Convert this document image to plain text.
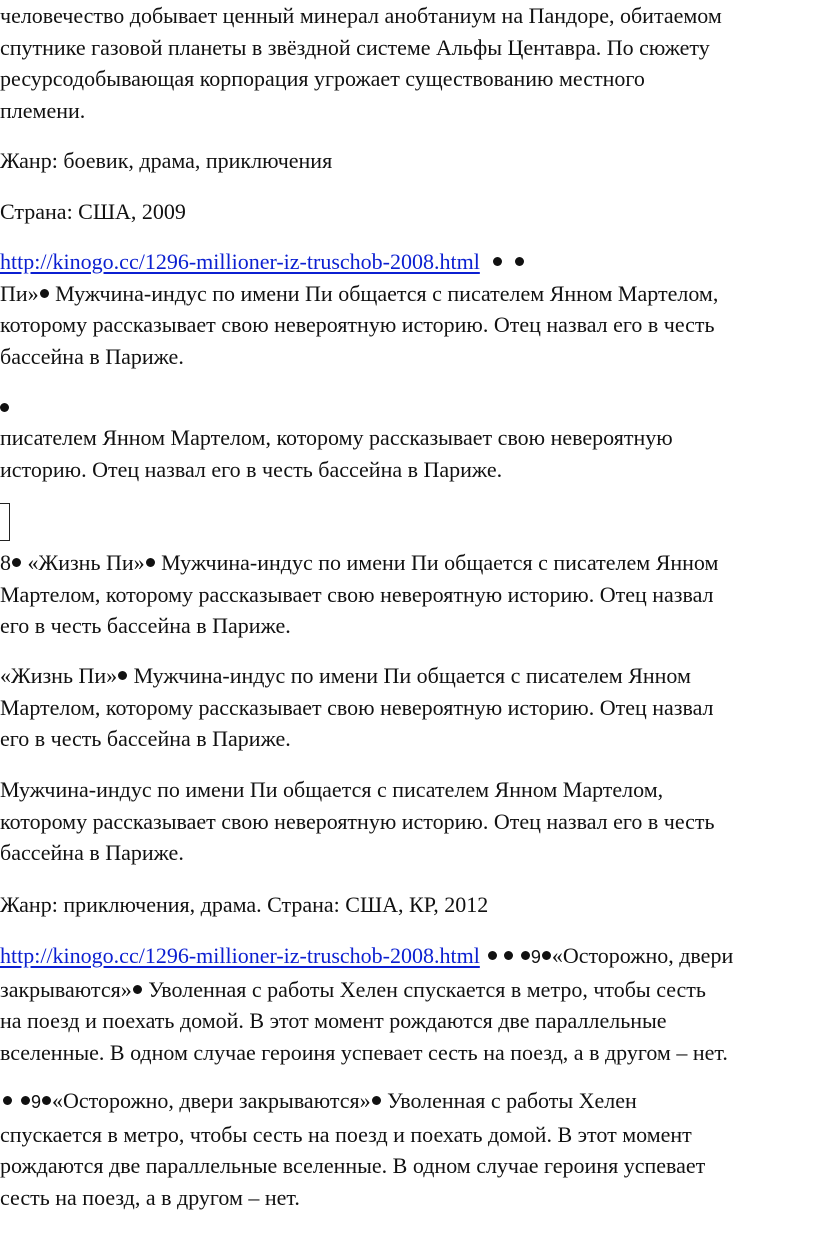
человечество добывает ценный минерал анобтаниум на Пандоре, обитаемом
спутнике газовой планеты в звёздной системе Альфы Центавра. По сюжету
ресурсодобывающая корпорация угрожает существованию местного
племени.
Жанр: боевик, драма, приключения
Страна: США, 2009
http://kinogo.cc/1296-millioner-iz-truschob-2008.html
Пи» Мужчина-индус по имени Пи общается с писателем Янном Мартелом,
которому рассказывает свою невероятную историю. Отец назвал его в честь
бассейна в Париже.
писателем Янном Мартелом, которому рассказывает свою невероятную
историю. Отец назвал его в честь бассейна в Париже.
8 «Жизнь Пи» Мужчина-индус по имени Пи общается с писателем Янном
Мартелом, которому рассказывает свою невероятную историю. Отец назвал
его в честь бассейна в Париже.
«Жизнь Пи» Мужчина-индус по имени Пи общается с писателем Янном
Мартелом, которому рассказывает свою невероятную историю. Отец назвал
его в честь бассейна в Париже.
Мужчина-индус по имени Пи общается с писателем Янном Мартелом,
которому рассказывает свою невероятную историю. Отец назвал его в честь
бассейна в Париже.
Жанр: приключения, драма. Страна: США, КР, 2012
http://kinogo.cc/1296-millioner-iz-truschob-2008.html	9 «Осторожно, двери
закрываются» Уволенная с работы Хелен спускается в метро, чтобы сесть
на поезд и поехать домой. В этот момент рождаются две параллельные
вселенные. В одном случае героиня успевает сесть на поезд, а в другом – нет.
9 «Осторожно, двери закрываются» Уволенная с работы Хелен
спускается в метро, чтобы сесть на поезд и поехать домой. В этот момент
рождаются две параллельные вселенные. В одном случае героиня успевает
сесть на поезд, а в другом – нет.
